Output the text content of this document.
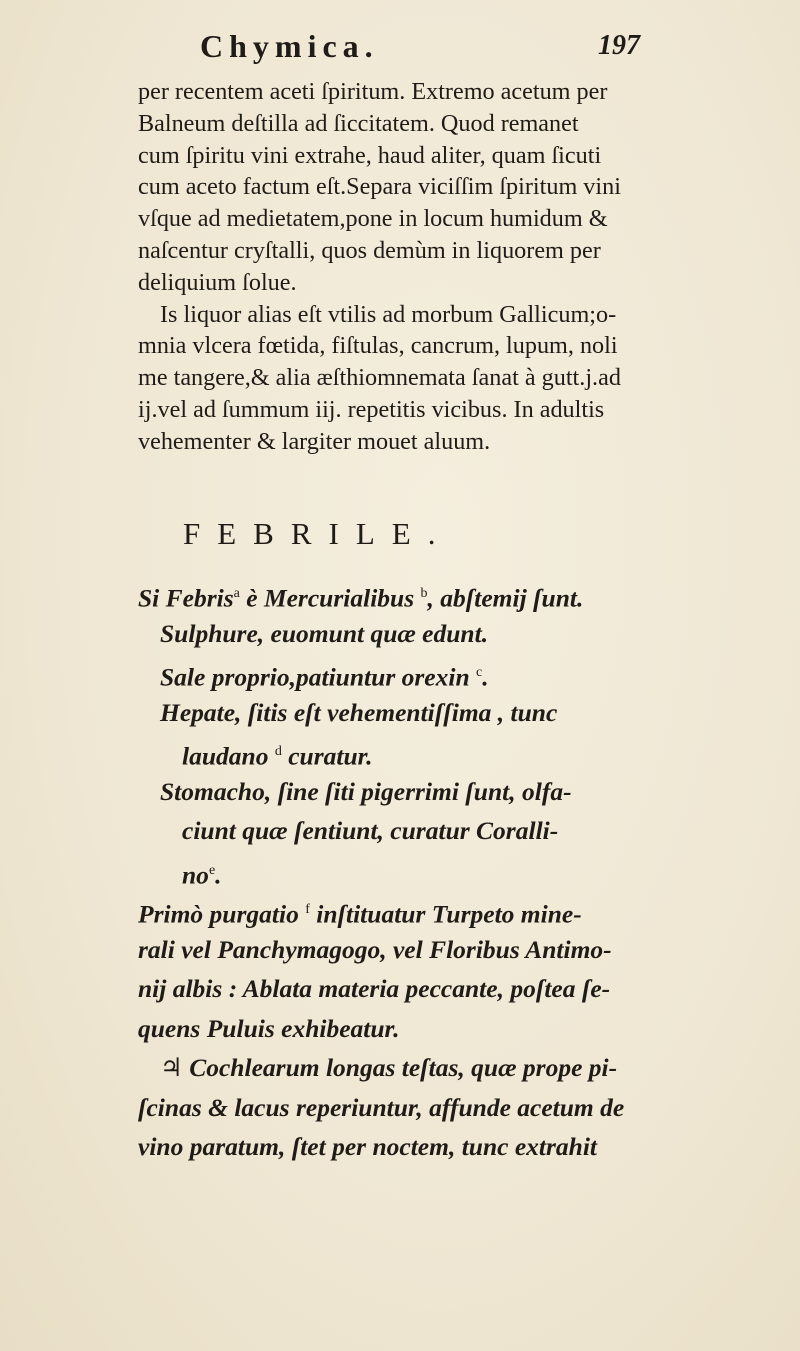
Chymica.	197
per recentem aceti ſpiritum. Extremo acetum per
Balneum deſtilla ad ſiccitatem. Quod remanet
cum ſpiritu vini extrahe, haud aliter, quam ſicuti
cum aceto factum eſt.Separa viciſſim ſpiritum vini
vſque ad medietatem,pone in locum humidum &
naſcentur cryſtalli, quos demùm in liquorem per
deliquium ſolue.
Is liquor alias eſt vtilis ad morbum Gallicum;o-
mnia vlcera fœtida, fiſtulas, cancrum, lupum, noli
me tangere,& alia æſthiomnemata ſanat à gutt.j.ad
ij.vel ad ſummum iij. repetitis vicibus. In adultis
vehementer & largiter mouet aluum.
FEBRILE.
Si Febris$^a$ è Mercurialibus $^b$, abſtemij ſunt.
Sulphure, euomunt quæ edunt.
Sale proprio,patiuntur orexin $^c$.
Hepate, ſitis eſt vehementiſſima , tunc
laudano $^d$ curatur.
Stomacho, ſine ſiti pigerrimi ſunt, olfa-
ciunt quæ ſentiunt, curatur Coralli-
$no^e$.
Primò purgatio $^f$ inſtituatur Turpeto mine-
rali vel Panchymagogo, vel Floribus Antimo-
nij albis : Ablata materia peccante, poſtea ſe-
quens Puluis exhibeatur.
♃ Cochlearum longas teſtas, quæ prope pi-
ſcinas & lacus reperiuntur, affunde acetum de
vino paratum, ſtet per noctem, tunc extrahit
